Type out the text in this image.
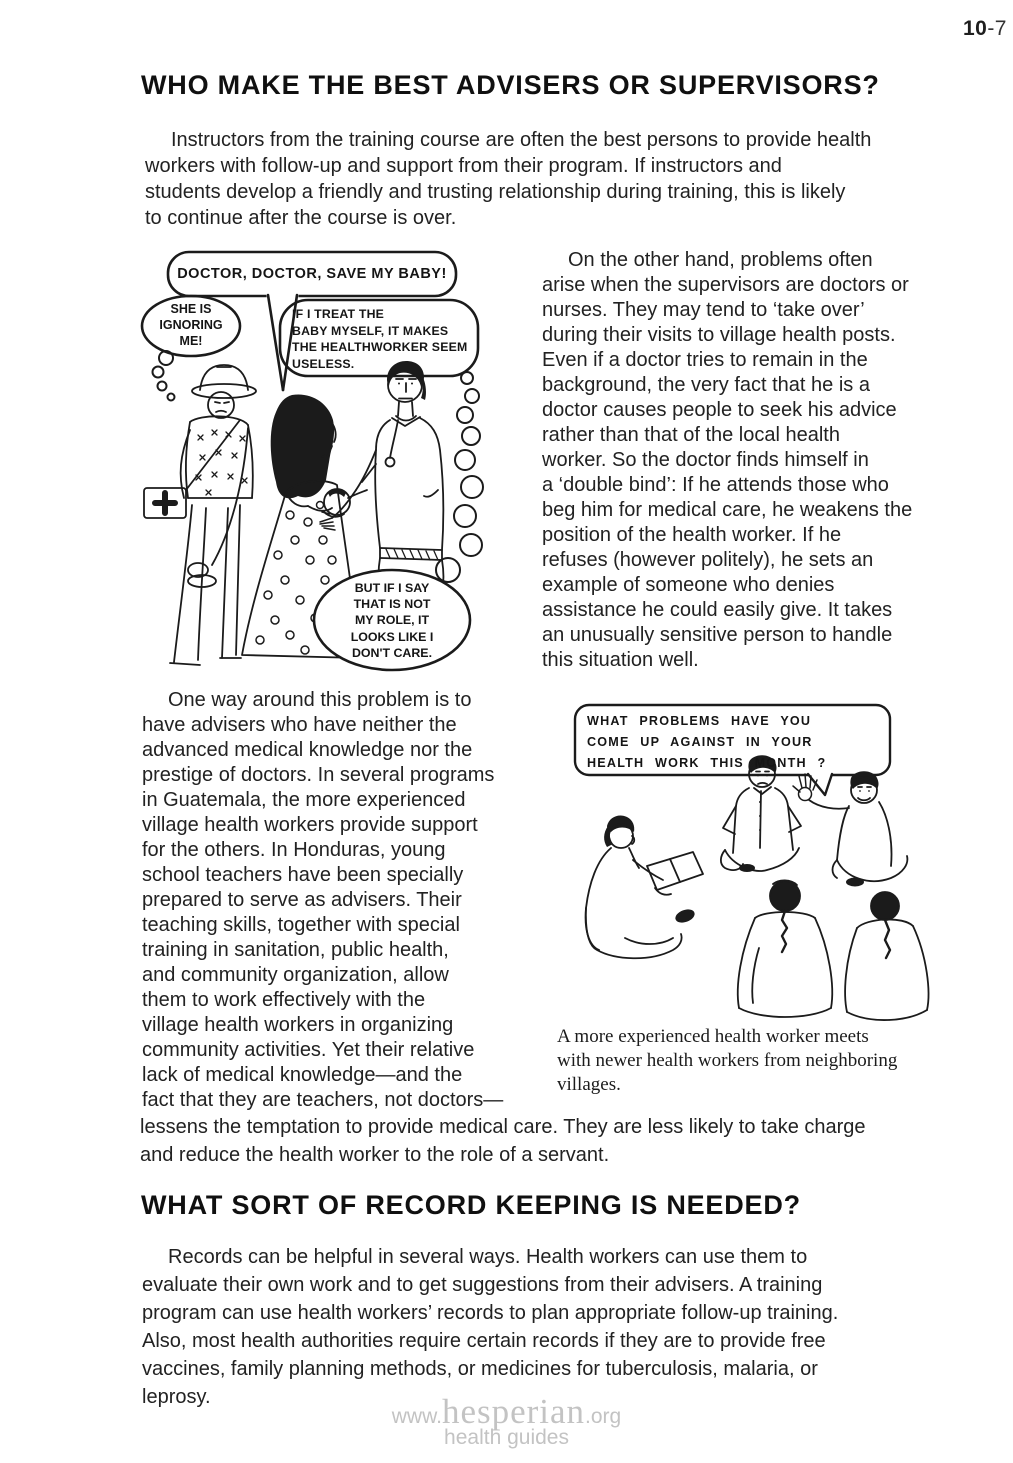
10-7
WHO MAKE THE BEST ADVISERS OR SUPERVISORS?
Instructors from the training course are often the best persons to provide health
workers with follow-up and support from their program. If instructors and
students develop a friendly and trusting relationship during training, this is likely
to continue after the course is over.
DOCTOR, DOCTOR, SAVE MY BABY!
SHE IS
IGNORING
ME!
IF I TREAT THE
BABY MYSELF, IT MAKES
THE HEALTHWORKER SEEM
USELESS.
BUT IF I SAY
THAT IS NOT
MY ROLE, IT
LOOKS LIKE I
DON'T CARE.
On the other hand, problems often
arise when the supervisors are doctors or
nurses. They may tend to ‘take over’
during their visits to village health posts.
Even if a doctor tries to remain in the
background, the very fact that he is a
doctor causes people to seek his advice
rather than that of the local health
worker. So the doctor finds himself in
a ‘double bind’: If he attends those who
beg him for medical care, he weakens the
position of the health worker. If he
refuses (however politely), he sets an
example of someone who denies
assistance he could easily give. It takes
an unusually sensitive person to handle
this situation well.
One way around this problem is to
have advisers who have neither the
advanced medical knowledge nor the
prestige of doctors. In several programs
in Guatemala, the more experienced
village health workers provide support
for the others. In Honduras, young
school teachers have been specially
prepared to serve as advisers. Their
teaching skills, together with special
training in sanitation, public health,
and community organization, allow
them to work effectively with the
village health workers in organizing
community activities. Yet their relative
lack of medical knowledge—and the
fact that they are teachers, not doctors—
WHAT PROBLEMS HAVE YOU
COME UP AGAINST IN YOUR
HEALTH WORK THIS MONTH ?
A more experienced health worker meets
with newer health workers from neighboring
villages.
lessens the temptation to provide medical care. They are less likely to take charge
and reduce the health worker to the role of a servant.
WHAT SORT OF RECORD KEEPING IS NEEDED?
Records can be helpful in several ways. Health workers can use them to
evaluate their own work and to get suggestions from their advisers. A training
program can use health workers’ records to plan appropriate follow-up training.
Also, most health authorities require certain records if they are to provide free
vaccines, family planning methods, or medicines for tuberculosis, malaria, or
leprosy.
www.hesperian.org
health guides
